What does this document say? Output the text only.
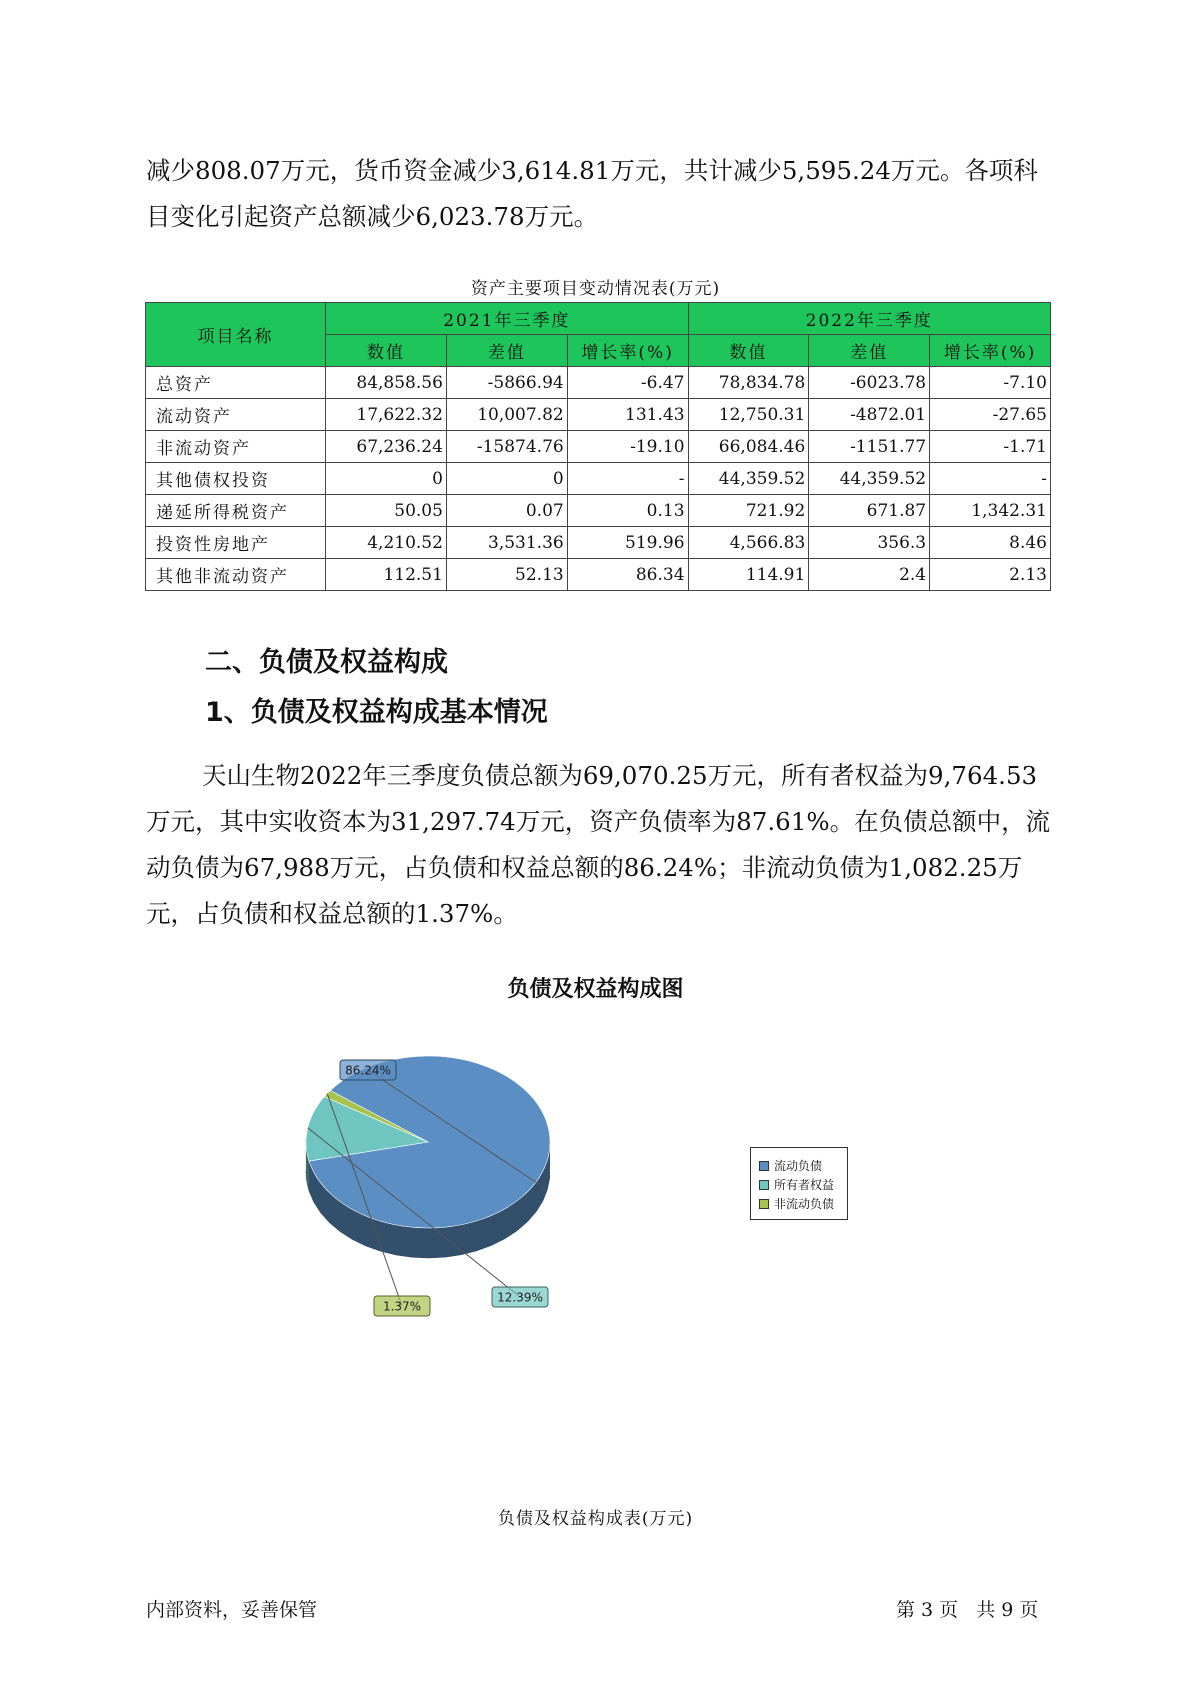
减少808.07万元，货币资金减少3,614.81万元，共计减少5,595.24万元。各项科目变化引起资产总额减少6,023.78万元。

资产主要项目变动情况表(万元)
项目名称	2021年三季度			2022年三季度		
	数值	差值	增长率(%)	数值	差值	增长率(%)
总资产	84,858.56	-5866.94	-6.47	78,834.78	-6023.78	-7.10
流动资产	17,622.32	10,007.82	131.43	12,750.31	-4872.01	-27.65
非流动资产	67,236.24	-15874.76	-19.10	66,084.46	-1151.77	-1.71
其他债权投资	0	0	-	44,359.52	44,359.52	-
递延所得税资产	50.05	0.07	0.13	721.92	671.87	1,342.31
投资性房地产	4,210.52	3,531.36	519.96	4,566.83	356.3	8.46
其他非流动资产	112.51	52.13	86.34	114.91	2.4	2.13
二、负债及权益构成
1、负债及权益构成基本情况

天山生物2022年三季度负债总额为69,070.25万元，所有者权益为9,764.53万元，其中实收资本为31,297.74万元，资产负债率为87.61%。在负债总额中，流动负债为67,988万元，占负债和权益总额的86.24%；非流动负债为1,082.25万元，占负债和权益总额的1.37%。

负债及权益构成图
86.24%
12.39%
1.37%
流动负债
所有者权益
非流动负债
负债及权益构成表(万元)
内部资料，妥善保管	第 3 页 共 9 页
